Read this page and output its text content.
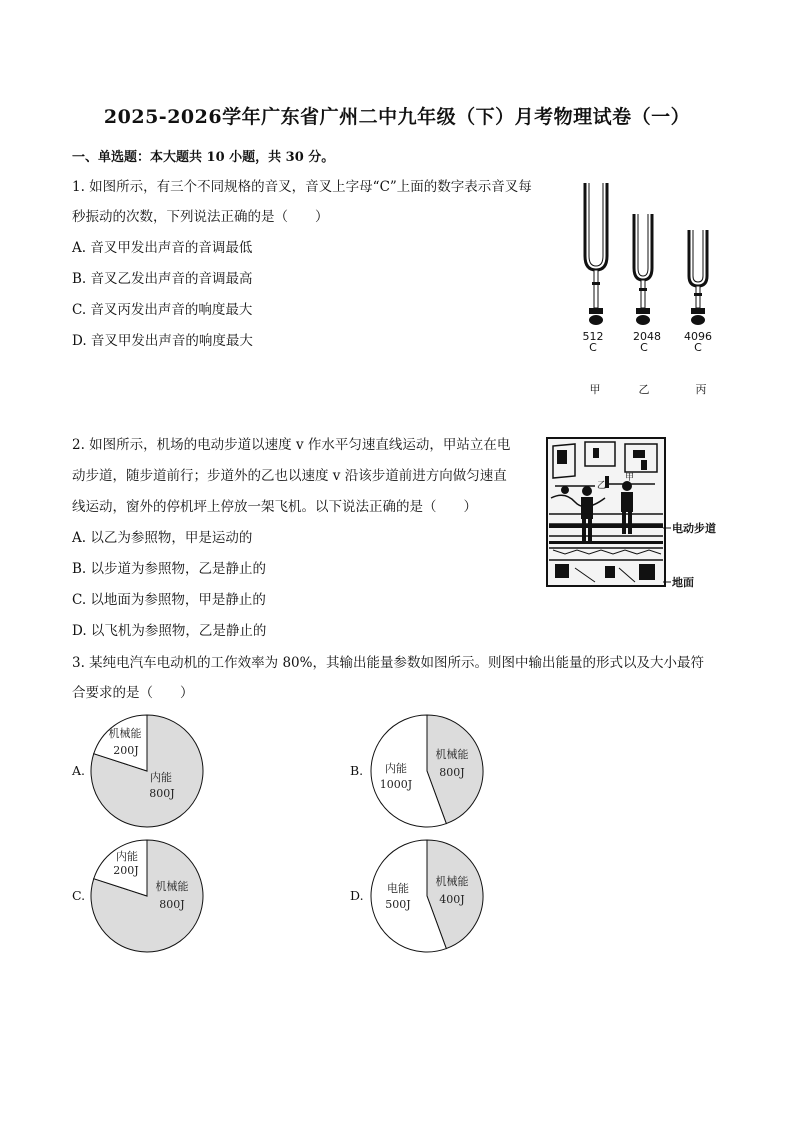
2025-2026学年广东省广州二中九年级（下）月考物理试卷（一）
一、单选题：本大题共 10 小题，共 30 分。
1. 如图所示，有三个不同规格的音叉，音叉上字母“C”上面的数字表示音叉每
秒振动的次数，下列说法正确的是（　　）
A. 音叉甲发出声音的音调最低
B. 音叉乙发出声音的音调最高
C. 音叉丙发出声音的响度最大
D. 音叉甲发出声音的响度最大	512
C
甲
2048
C
乙
4096
C
丙
2. 如图所示，机场的电动步道以速度 v 作水平匀速直线运动，甲站立在电
动步道，随步道前行；步道外的乙也以速度 v 沿该步道前进方向做匀速直
线运动，窗外的停机坪上停放一架飞机。以下说法正确的是（　　）
A. 以乙为参照物，甲是运动的
B. 以步道为参照物，乙是静止的
C. 以地面为参照物，甲是静止的
D. 以飞机为参照物，乙是静止的
电动步道
地面
乙
甲
3. 某纯电汽车电动机的工作效率为 80%，其输出能量参数如图所示。则图中输出能量的形式以及大小最符
合要求的是（　　）
A.
机械能
200J
内能
800J
B. 内能
1000J
机械能
800J
C.
内能
200J
机械能
800J
D. 电能
500J
机械能
400J
